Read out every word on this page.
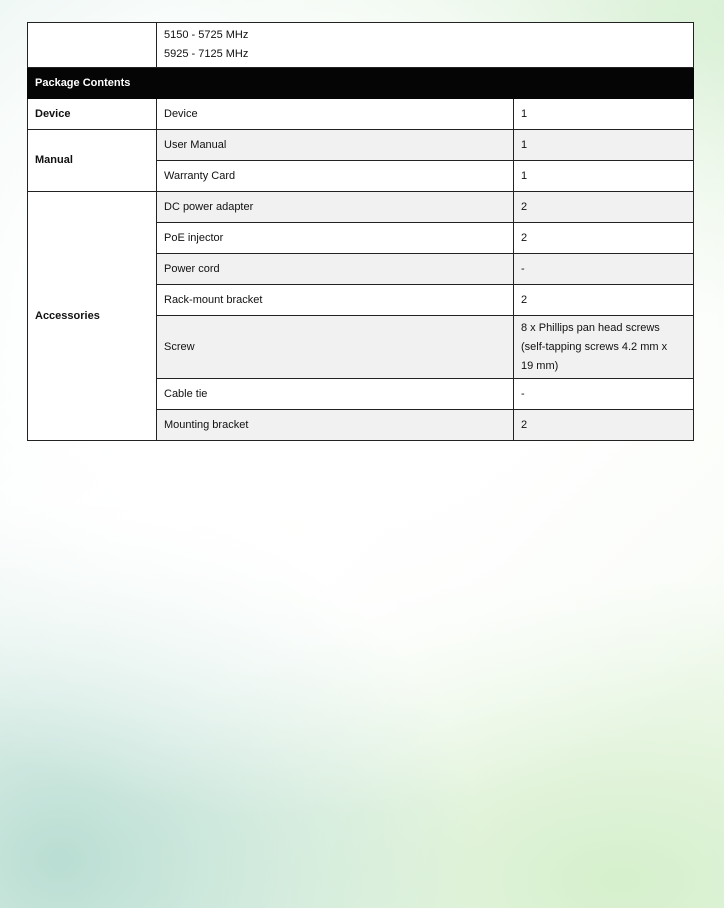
	5150 - 5725 MHz
5925 - 7125 MHz	

Package Contents		
Device	Device	1
Manual	User Manual	1
	Warranty Card	1
Accessories	DC power adapter	2
	PoE injector	2
	Power cord	-
	Rack-mount bracket	2
	Screw	8 x Phillips pan head screws
(self-tapping screws 4.2 mm x
19 mm)

	Cable tie	-
	Mounting bracket	2
